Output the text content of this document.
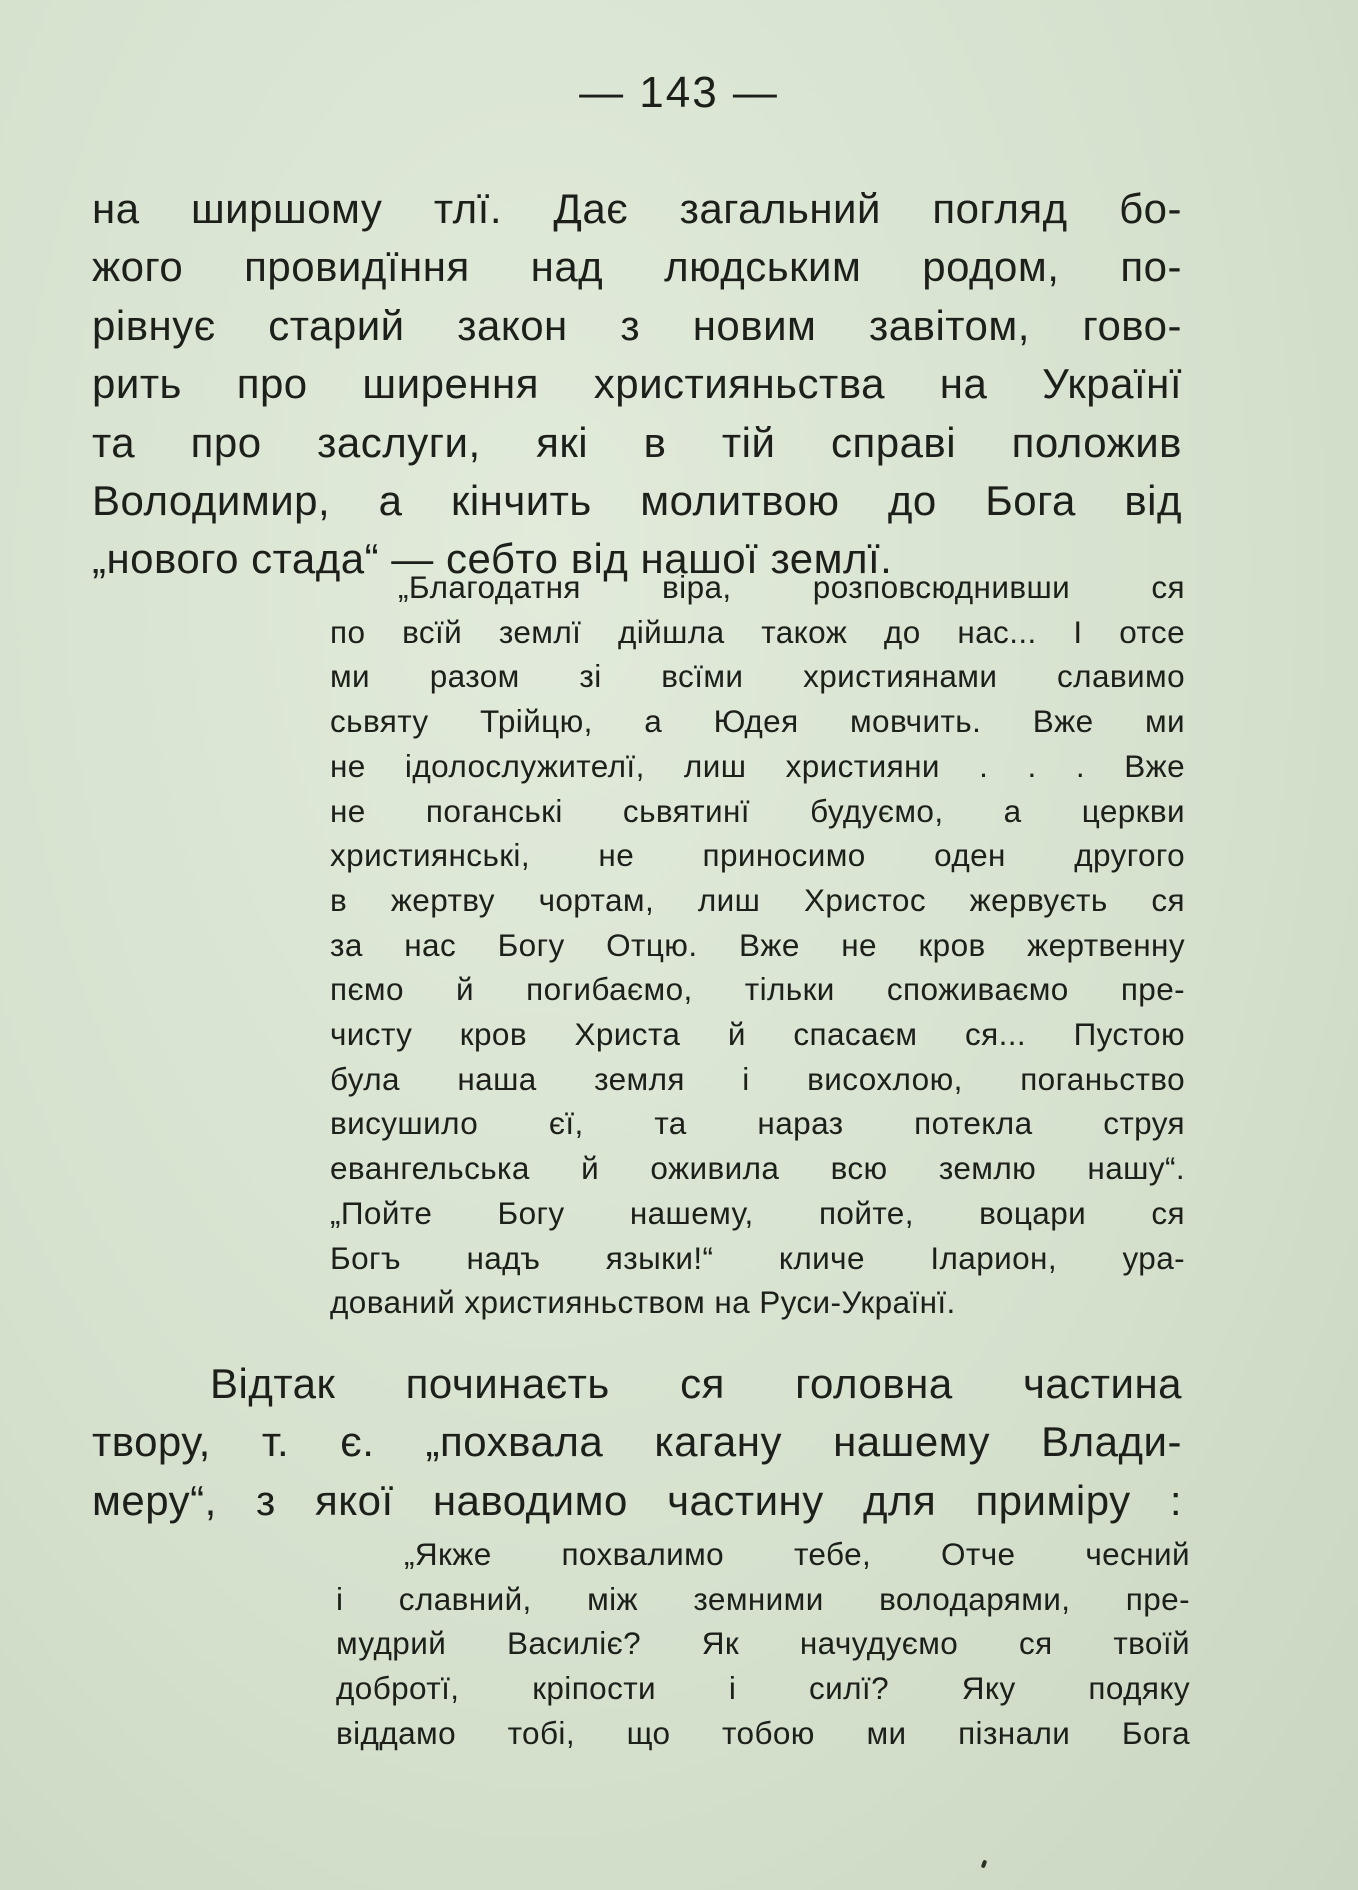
— 143 —
на ширшому тлї. Дає загальний погляд бо-
жого провидїння над людським родом, по-
рівнує старий закон з новим завітом, гово-
рить про ширення християньства на Українї
та про заслуги, які в тій справі положив
Володимир, а кінчить молитвою до Бога від
„нового стада“ — себто від нашої землї.
„Благодатня віра, розповсюднивши ся
по всїй землї дійшла також до нас... І отсе
ми разом зі всїми християнами славимо
сьвяту Трійцю, а Юдея мовчить. Вже ми
не ідолослужителї, лиш християни . . . Вже
не поганські сьвятинї будуємо, а церкви
християнські, не приносимо оден другого
в жертву чортам, лиш Христос жервуєть ся
за нас Богу Отцю. Вже не кров жертвенну
пємо й погибаємо, тільки споживаємо пре-
чисту кров Христа й спасаєм ся... Пустою
була наша земля і висохлою, поганьство
висушило єї, та нараз потекла струя
евангельська й оживила всю землю нашу“.
„Пойте Богу нашему, пойте, воцари ся
Богъ надъ языки!“ кличе Іларион, ура-
дований християньством на Руси-Українї.
Відтак починаєть ся головна частина
твору, т. є. „похвала кагану нашему Влади-
меру“, з якої наводимо частину для приміру :
„Якже похвалимо тебе, Отче чесний
і славний, між земними володарями, пре-
мудрий Василіє? Як начудуємо ся твоїй
добротї, кріпости і силї? Яку подяку
віддамо тобі, що тобою ми пізнали Бога
